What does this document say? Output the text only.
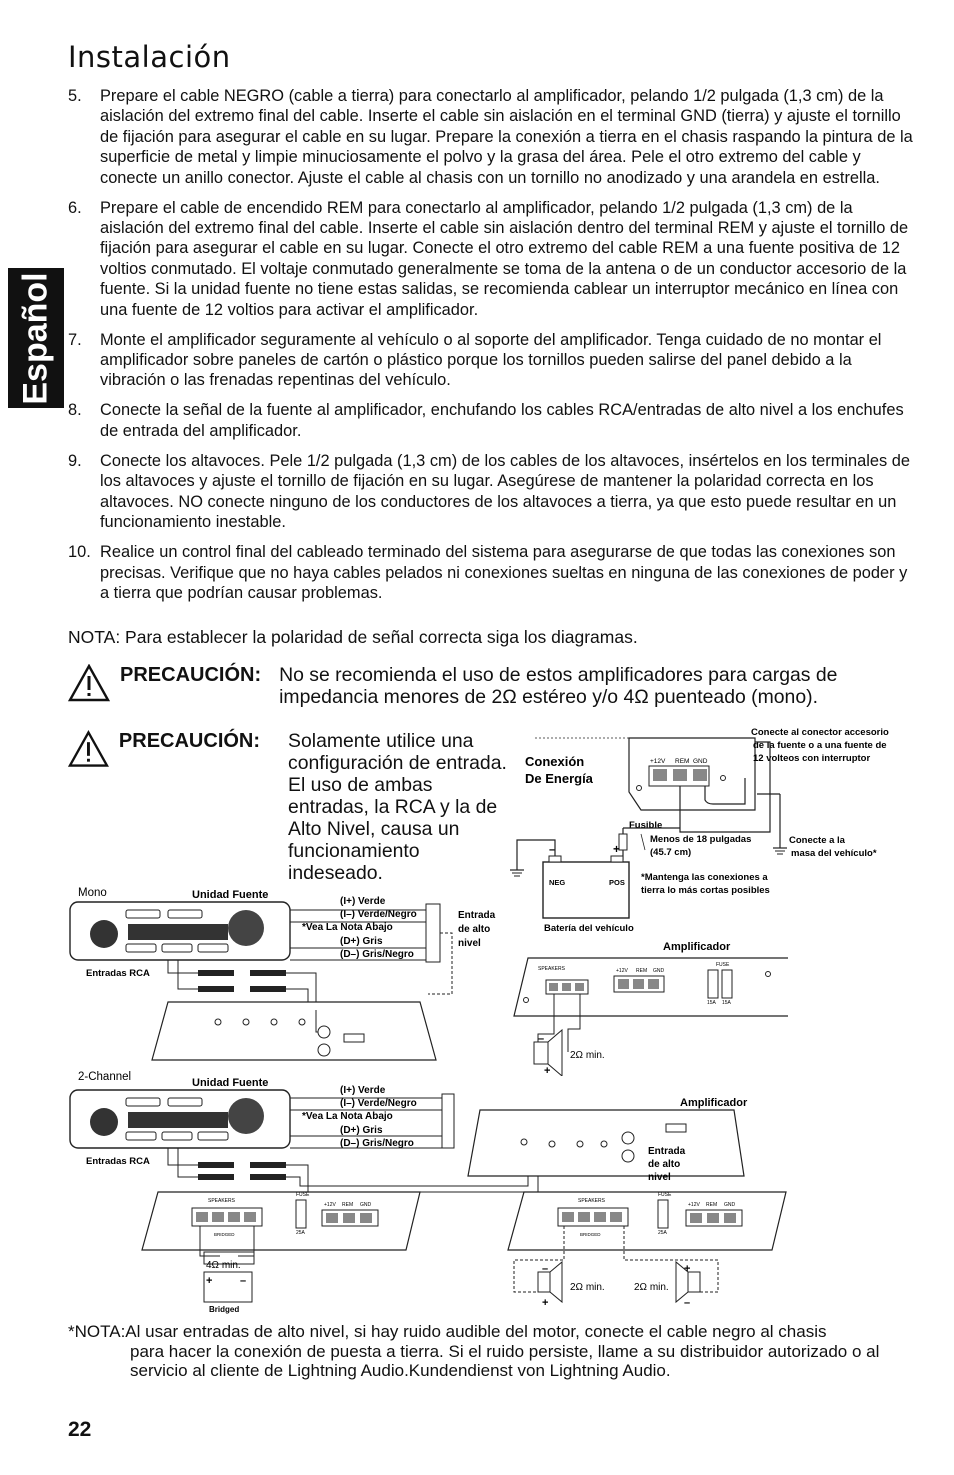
Español
Instalación
5. Prepare el cable NEGRO (cable a tierra) para conectarlo al amplificador, pelando 1/2 pulgada (1,3 cm) de la aislación del extremo final del cable. Inserte el cable sin aislación en el terminal GND (tierra) y ajuste el tornillo de fijación para asegurar el cable en su lugar. Prepare la conexión a tierra en el chasis raspando la pintura de la superficie de metal y limpie minuciosamente el polvo y la grasa del área. Pele el otro extremo del cable y conecte un anillo conector. Ajuste el cable al chasis con un tornillo no anodizado y una arandela en estrella.
6. Prepare el cable de encendido REM para conectarlo al amplificador, pelando 1/2 pulgada (1,3 cm) de la aislación del extremo final del cable. Inserte el cable sin aislación dentro del terminal REM y ajuste el tornillo de fijación para asegurar el cable en su lugar. Conecte el otro extremo del cable REM a una fuente positiva de 12 voltios conmutado. El voltaje conmutado generalmente se toma de la antena o de un conductor accesorio de la fuente. Si la unidad fuente no tiene estas salidas, se recomienda cablear un interruptor mecánico en línea con una fuente de 12 voltios para activar el amplificador.
7. Monte el amplificador seguramente al vehículo o al soporte del amplificador. Tenga cuidado de no montar el amplificador sobre paneles de cartón o plástico porque los tornillos pueden salirse del panel debido a la vibración o las frenadas repentinas del vehículo.
8. Conecte la señal de la fuente al amplificador, enchufando los cables RCA/entradas de alto nivel a los enchufes de entrada del amplificador.
9. Conecte los altavoces. Pele 1/2 pulgada (1,3 cm) de los cables de los altavoces, insértelos en los terminales de los altavoces y ajuste el tornillo de fijación en su lugar. Asegúrese de mantener la polaridad correcta en los altavoces. NO conecte ninguno de los conductores de los altavoces a tierra, ya que esto puede resultar en un funcionamiento inestable.
10. Realice un control final del cableado terminado del sistema para asegurarse de que todas las conexiones son precisas. Verifique que no haya cables pelados ni conexiones sueltas en ninguna de las conexiones de poder y a tierra que podrían causar problemas.
NOTA: Para establecer la polaridad de señal correcta siga los diagramas.
PRECAUCIÓN : No se recomienda el uso de estos amplificadores para cargas de impedancia menores de 2Ω estéreo y/o 4Ω puenteado (mono).
PRECAUCIÓN : Solamente utilice una configuración de entrada. El uso de ambas entradas, la RCA y la de Alto Nivel, causa un funcionamiento indeseado.
Conexión
De Energía
Conecte al conector accesorio
de la fuente o a una fuente de
12 volteos con interruptor
+12V REM GND
Conecte a la
masa del vehículo*
Fusible
Menos de 18 pulgadas
(45.7 cm)
–	+
NEG	POS
Batería del vehículo
*Mantenga las conexiones a
tierra lo más cortas posibles
Mono	Unidad Fuente
Entradas RCA
(I+) Verde
(I–) Verde/Negro
*Vea La Nota Abajo
(D+) Gris
(D–) Gris/Negro
Entrada
de alto
nivel	Amplificador
SPEAKERS	+12V REM GND
FUSE
15A 15A
–
+
2Ω min.
2-Channel	Unidad Fuente
Entradas RCA
(I+) Verde
(I–) Verde/Negro
*Vea La Nota Abajo
(D+) Gris
(D–) Gris/Negro
Amplificador
Entrada
de alto
nivel
SPEAKERS
BRIDGED
FUSE
25A
+12V REM GND
4Ω min.
+	–
Bridged
SPEAKERS
BRIDGED
FUSE
25A
+12V REM GND
–
+
2Ω min.	2Ω min.
+
–
*NOTA:Al usar entradas de alto nivel, si hay ruido audible del motor, conecte el cable negro al chasis
para hacer la conexión de puesta a tierra. Si el ruido persiste, llame a su distribuidor autorizado o al servicio al cliente de Lightning Audio.Kundendienst von Lightning Audio.
22
